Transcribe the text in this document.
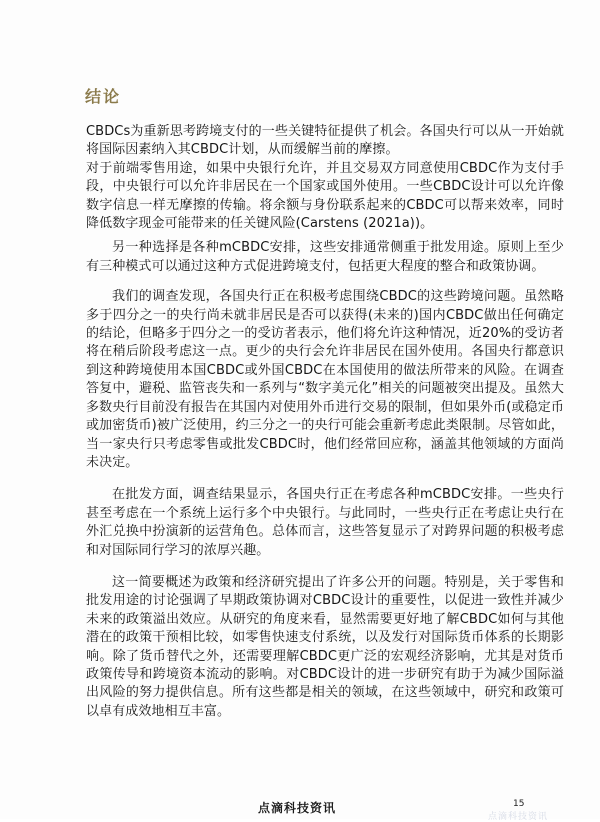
结论

CBDCs为重新思考跨境支付的一些关键特征提供了机会。各国央行可以从一开始就将国际因素纳入其CBDC计划，从而缓解当前的摩擦。

对于前端零售用途，如果中央银行允许，并且交易双方同意使用CBDC作为支付手段，中央银行可以允许非居民在一个国家或国外使用。一些CBDC设计可以允许像数字信息一样无摩擦的传输。将余额与身份联系起来的CBDC可以帮来效率，同时降低数字现金可能带来的任关键风险(Carstens (2021a))。

另一种选择是各种mCBDC安排，这些安排通常侧重于批发用途。原则上至少有三种模式可以通过这种方式促进跨境支付，包括更大程度的整合和政策协调。

我们的调查发现，各国央行正在积极考虑围绕CBDC的这些跨境问题。虽然略多于四分之一的央行尚未就非居民是否可以获得(未来的)国内CBDC做出任何确定的结论，但略多于四分之一的受访者表示，他们将允许这种情况，近20%的受访者将在稍后阶段考虑这一点。更少的央行会允许非居民在国外使用。各国央行都意识到这种跨境使用本国CBDC或外国CBDC在本国使用的做法所带来的风险。在调查答复中，避税、监管丧失和一系列与“数字美元化”相关的问题被突出提及。虽然大多数央行目前没有报告在其国内对使用外币进行交易的限制，但如果外币(或稳定币或加密货币)被广泛使用，约三分之一的央行可能会重新考虑此类限制。尽管如此，当一家央行只考虑零售或批发CBDC时，他们经常回应称，涵盖其他领域的方面尚未决定。

在批发方面，调查结果显示，各国央行正在考虑各种mCBDC安排。一些央行甚至考虑在一个系统上运行多个中央银行。与此同时，一些央行正在考虑让央行在外汇兑换中扮演新的运营角色。总体而言，这些答复显示了对跨界问题的积极考虑和对国际同行学习的浓厚兴趣。

这一简要概述为政策和经济研究提出了许多公开的问题。特别是，关于零售和批发用途的讨论强调了早期政策协调对CBDC设计的重要性，以促进一致性并减少未来的政策溢出效应。从研究的角度来看，显然需要更好地了解CBDC如何与其他潜在的政策干预相比较，如零售快速支付系统，以及发行对国际货币体系的长期影响。除了货币替代之外，还需要理解CBDC更广泛的宏观经济影响，尤其是对货币政策传导和跨境资本流动的影响。对CBDC设计的进一步研究有助于为减少国际溢出风险的努力提供信息。所有这些都是相关的领域，在这些领域中，研究和政策可以卓有成效地相互丰富。

点滴科技资讯	15
点滴科技资讯
